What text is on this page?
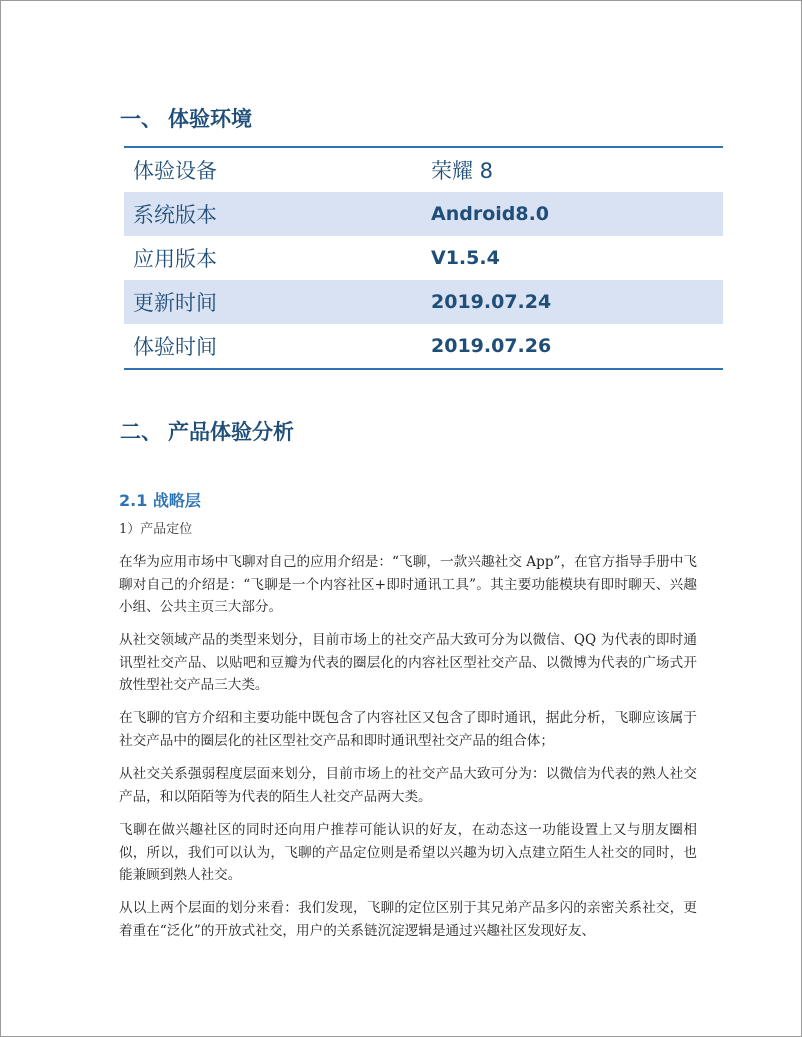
一、 体验环境
体验设备	荣耀 8
系统版本	Android8.0
应用版本	V1.5.4
更新时间	2019.07.24
体验时间	2019.07.26
二、 产品体验分析
2.1 战略层

1）产品定位

在华为应用市场中飞聊对自己的应用介绍是：“飞聊，一款兴趣社交 App”，在官方指导手册中飞聊对自己的介绍是：“飞聊是一个内容社区+即时通讯工具”。其主要功能模块有即时聊天、兴趣小组、公共主页三大部分。

从社交领域产品的类型来划分，目前市场上的社交产品大致可分为以微信、QQ 为代表的即时通讯型社交产品、以贴吧和豆瓣为代表的圈层化的内容社区型社交产品、以微博为代表的广场式开放性型社交产品三大类。

在飞聊的官方介绍和主要功能中既包含了内容社区又包含了即时通讯，据此分析，飞聊应该属于社交产品中的圈层化的社区型社交产品和即时通讯型社交产品的组合体；

从社交关系强弱程度层面来划分，目前市场上的社交产品大致可分为：以微信为代表的熟人社交产品，和以陌陌等为代表的陌生人社交产品两大类。

飞聊在做兴趣社区的同时还向用户推荐可能认识的好友，在动态这一功能设置上又与朋友圈相似，所以，我们可以认为，飞聊的产品定位则是希望以兴趣为切入点建立陌生人社交的同时，也能兼顾到熟人社交。

从以上两个层面的划分来看：我们发现，飞聊的定位区别于其兄弟产品多闪的亲密关系社交，更着重在“泛化”的开放式社交，用户的关系链沉淀逻辑是通过兴趣社区发现好友、
